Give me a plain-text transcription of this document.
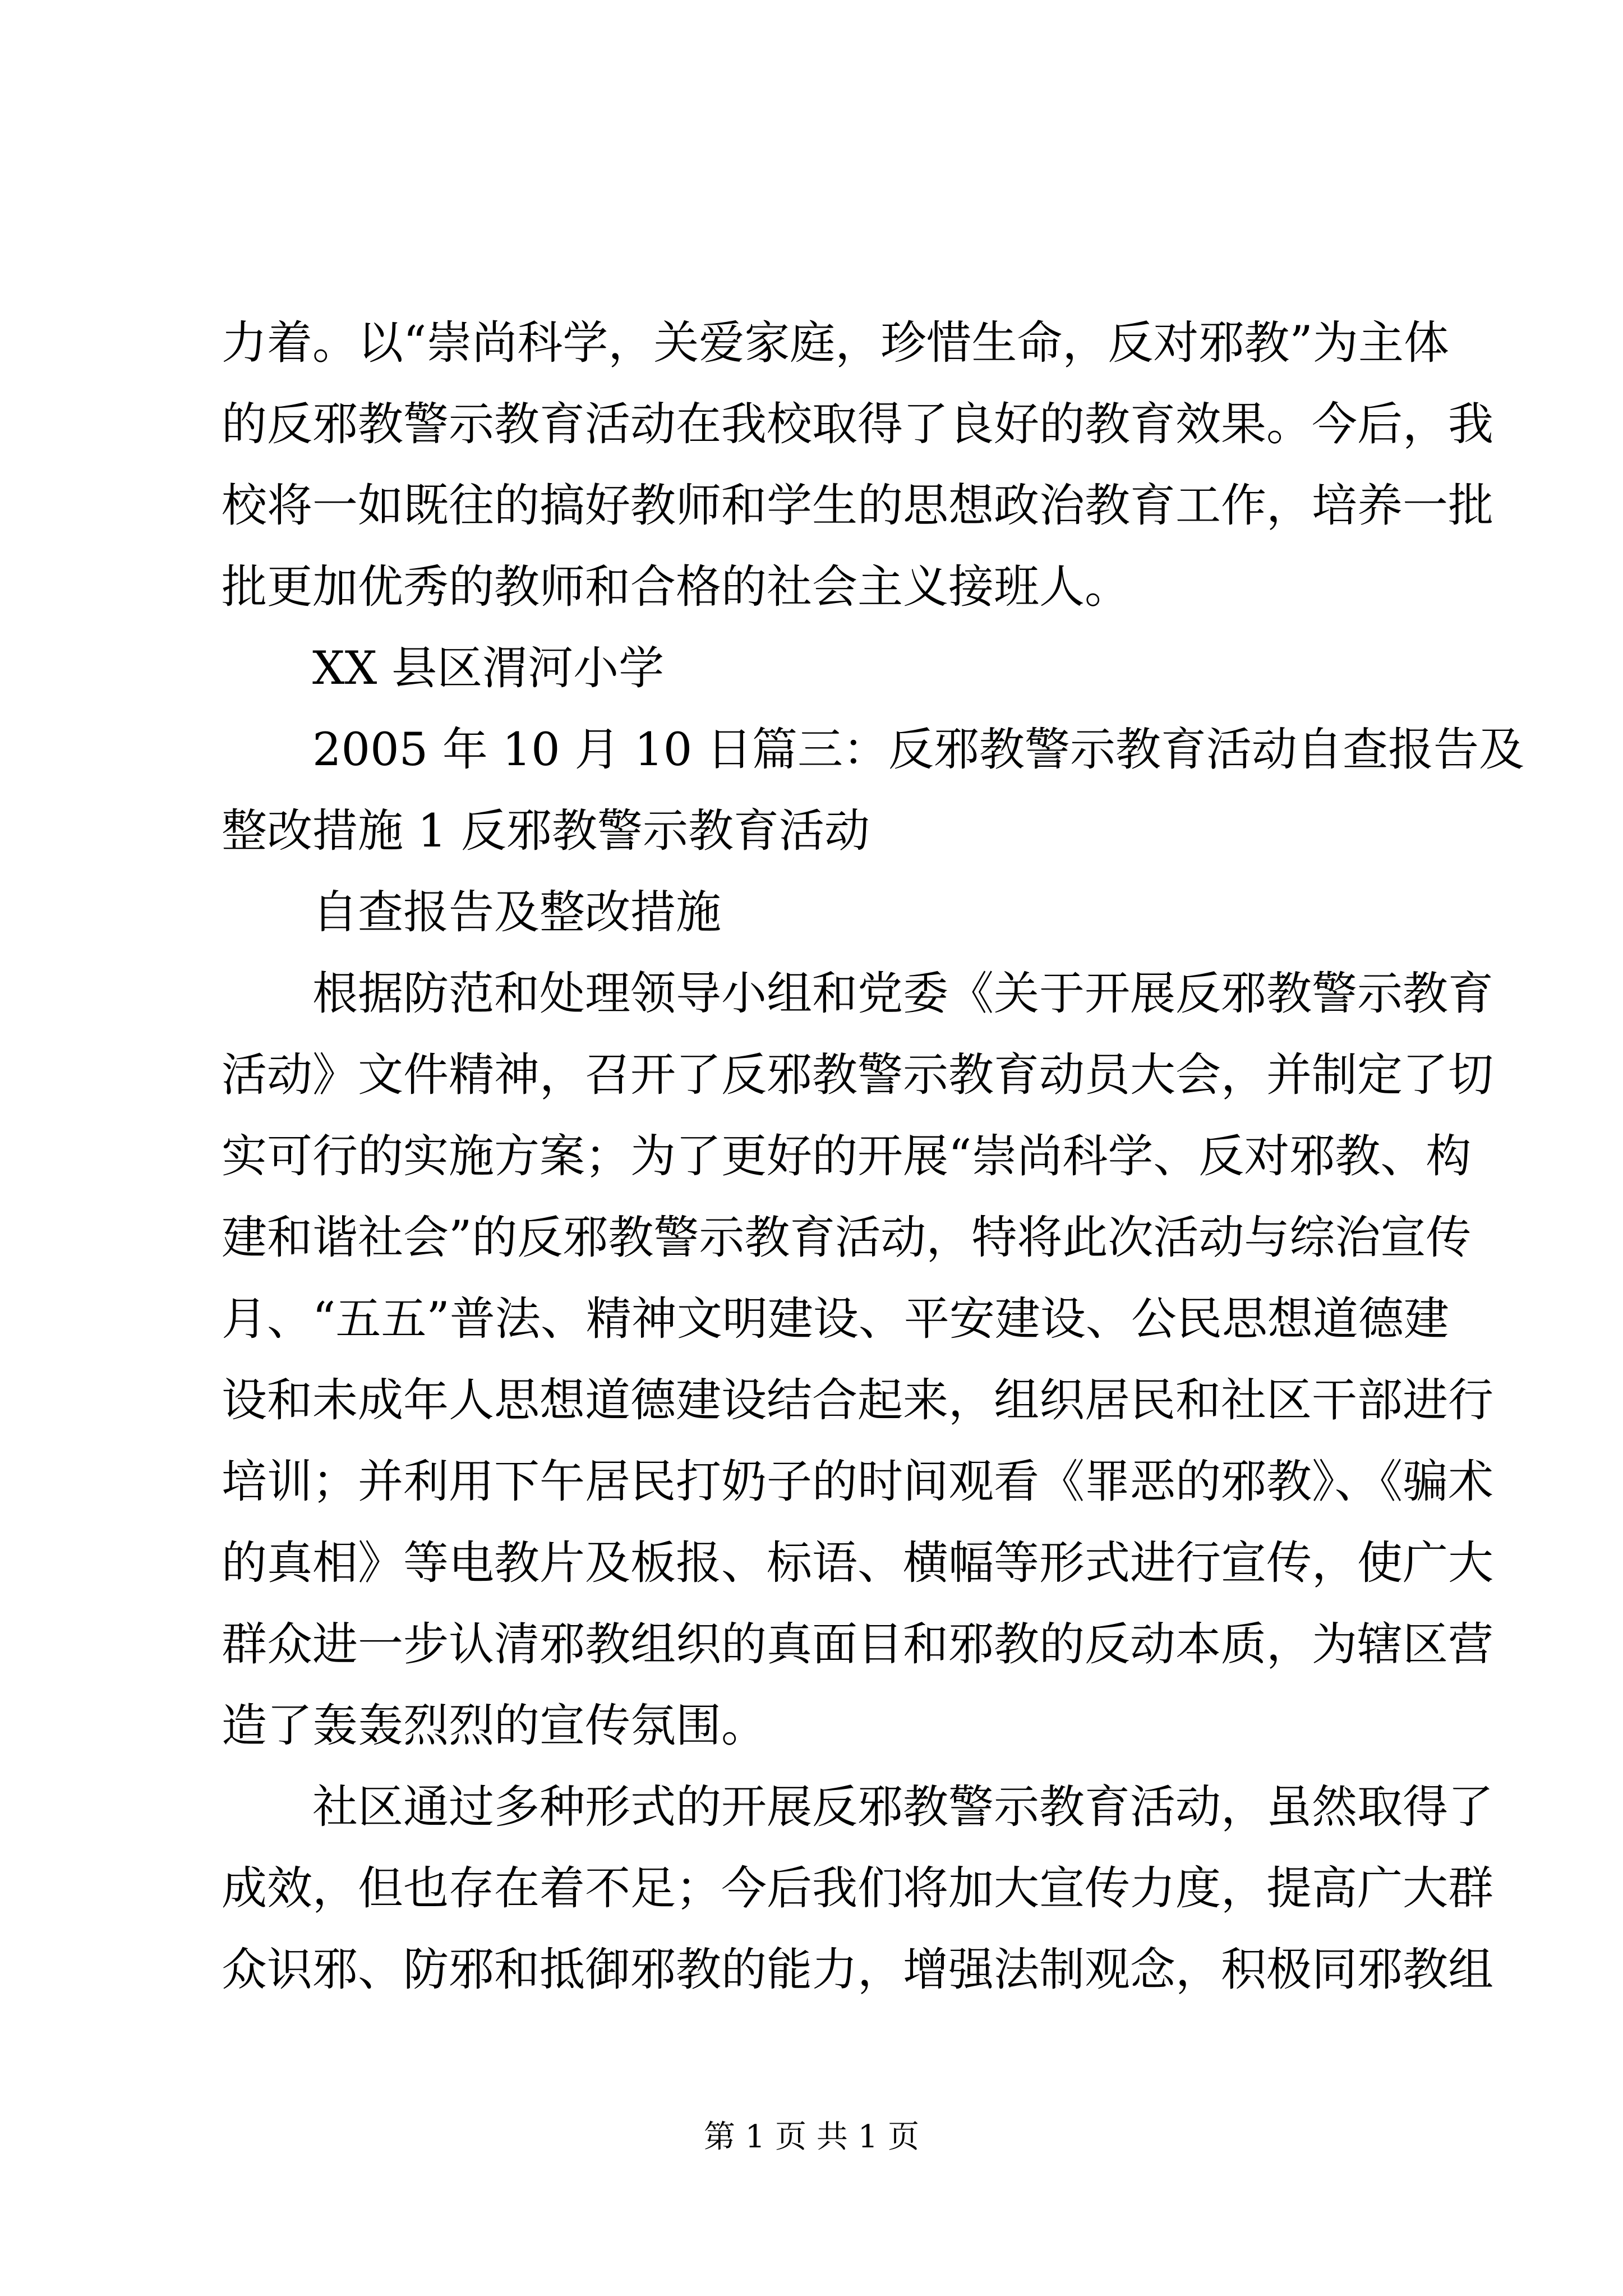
力着。以“崇尚科学，关爱家庭，珍惜生命，反对邪教”为主体

的反邪教警示教育活动在我校取得了良好的教育效果。今后，我

校将一如既往的搞好教师和学生的思想政治教育工作，培养一批

批更加优秀的教师和合格的社会主义接班人。

XX 县区渭河小学

2005 年 10 月 10 日篇三：反邪教警示教育活动自查报告及

整改措施 1 反邪教警示教育活动

自查报告及整改措施

根据防范和处理领导小组和党委《关于开展反邪教警示教育

活动》文件精神，召开了反邪教警示教育动员大会，并制定了切

实可行的实施方案；为了更好的开展“崇尚科学、反对邪教、构

建和谐社会”的反邪教警示教育活动，特将此次活动与综治宣传

月、“五五”普法、精神文明建设、平安建设、公民思想道德建

设和未成年人思想道德建设结合起来，组织居民和社区干部进行

培训；并利用下午居民打奶子的时间观看《罪恶的邪教》、《骗术

的真相》等电教片及板报、标语、横幅等形式进行宣传，使广大

群众进一步认清邪教组织的真面目和邪教的反动本质，为辖区营

造了轰轰烈烈的宣传氛围。

社区通过多种形式的开展反邪教警示教育活动，虽然取得了

成效，但也存在着不足；今后我们将加大宣传力度，提高广大群

众识邪、防邪和抵御邪教的能力，增强法制观念，积极同邪教组

第 1 页 共 1 页
